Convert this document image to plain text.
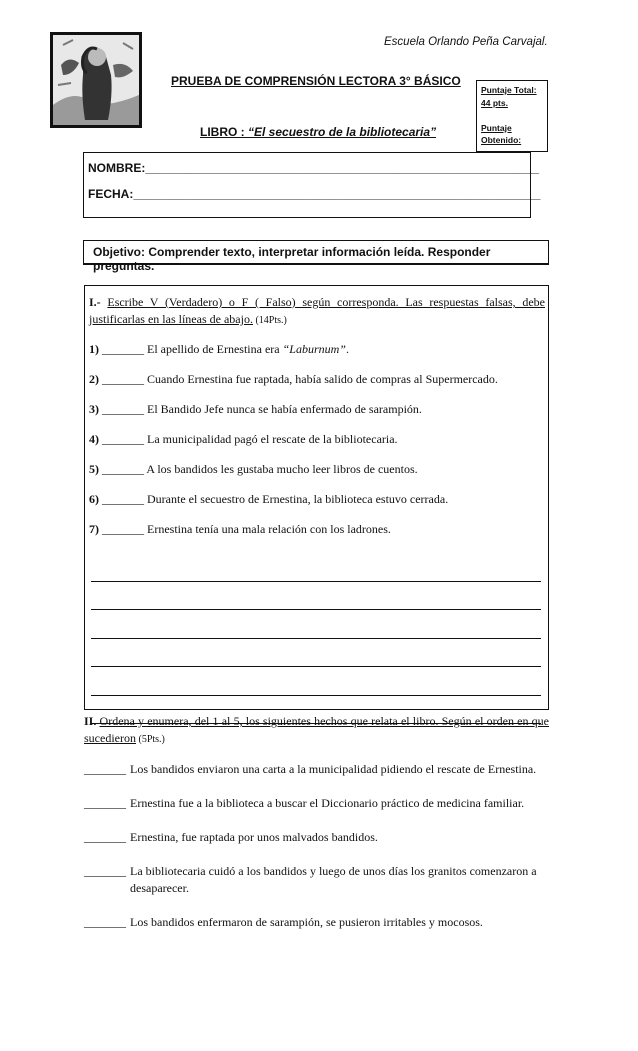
Escuela Orlando Peña Carvajal.
PRUEBA DE COMPRENSIÓN LECTORA 3° BÁSICO
LIBRO : “El secuestro de la bibliotecaria”
Puntaje Total:
44 pts.
Puntaje
Obtenido:
NOMBRE:___________________________________________________________
FECHA:_____________________________________________________________
Objetivo: Comprender texto, interpretar información leída. Responder preguntas.
I.- Escribe V (Verdadero) o F ( Falso) según corresponda. Las respuestas falsas, debe justificarlas en las líneas de abajo. (14Pts.)
1) _______ El apellido de Ernestina era “Laburnum”.
2) _______ Cuando Ernestina fue raptada, había salido de compras al Supermercado.
3) _______ El Bandido Jefe nunca se había enfermado de sarampión.
4) _______ La municipalidad pagó el rescate de la bibliotecaria.
5) _______ A los bandidos les gustaba mucho leer libros de cuentos.
6) _______ Durante el secuestro de Ernestina, la biblioteca estuvo cerrada.
7) _______ Ernestina tenía una mala relación con los ladrones.
II. Ordena y enumera, del 1 al 5, los siguientes hechos que relata el libro. Según el orden en que sucedieron (5Pts.)
_______ Los bandidos enviaron una carta a la municipalidad pidiendo el rescate de Ernestina.
_______ Ernestina fue a la biblioteca a buscar el Diccionario práctico de medicina familiar.
_______ Ernestina, fue raptada por unos malvados bandidos.
_______ La bibliotecaria cuidó a los bandidos y luego de unos días los granitos comenzaron a desaparecer.
_______ Los bandidos enfermaron de sarampión, se pusieron irritables y mocosos.
